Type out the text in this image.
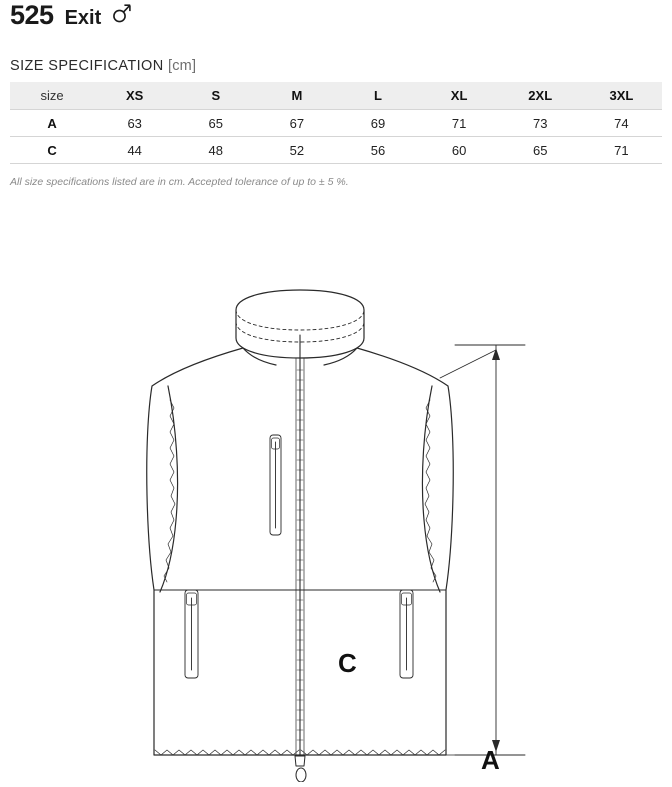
525 Exit
SIZE SPECIFICATION [cm]
size	XS	S	M	L	XL	2XL	3XL
A	63	65	67	69	71	73	74
C	44	48	52	56	60	65	71
All size specifications listed are in cm. Accepted tolerance of up to ± 5 %.
A
C
